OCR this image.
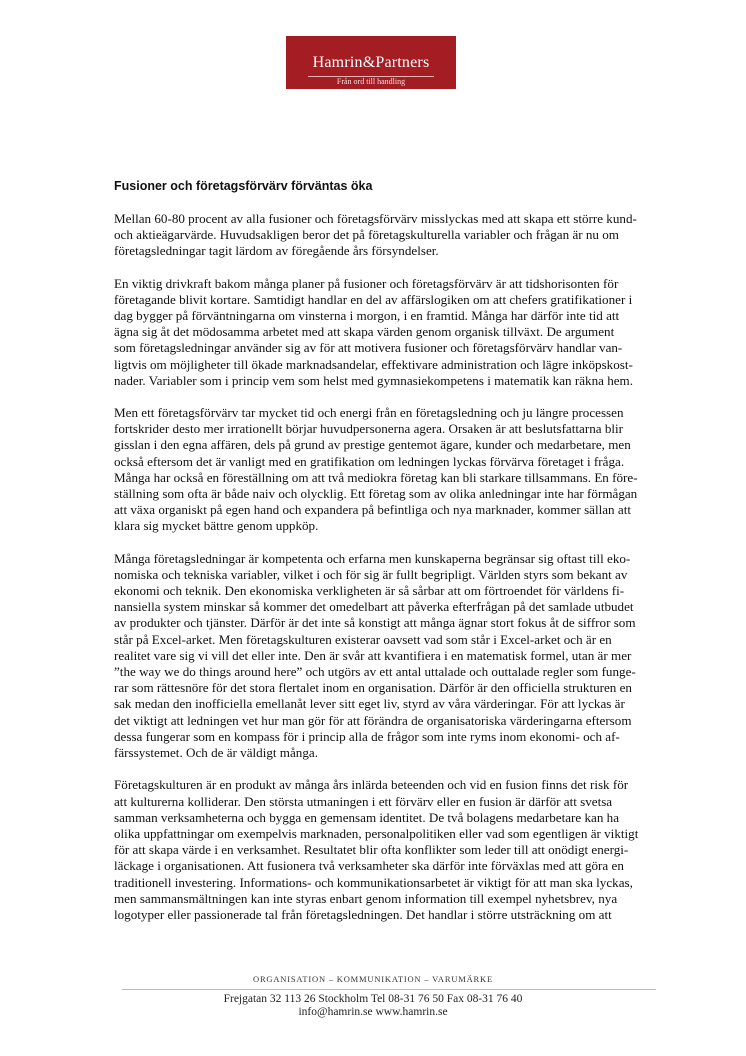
Hamrin&Partners
Från ord till handling
Fusioner och företagsförvärv förväntas öka

Mellan 60-80 procent av alla fusioner och företagsförvärv misslyckas med att skapa ett större kund-
och aktieägarvärde. Huvudsakligen beror det på företagskulturella variabler och frågan är nu om
företagsledningar tagit lärdom av föregående års försyndelser.

En viktig drivkraft bakom många planer på fusioner och företagsförvärv är att tidshorisonten för
företagande blivit kortare. Samtidigt handlar en del av affärslogiken om att chefers gratifikationer i
dag bygger på förväntningarna om vinsterna i morgon, i en framtid. Många har därför inte tid att
ägna sig åt det mödosamma arbetet med att skapa värden genom organisk tillväxt. De argument
som företagsledningar använder sig av för att motivera fusioner och företagsförvärv handlar van-
ligtvis om möjligheter till ökade marknadsandelar, effektivare administration och lägre inköpskost-
nader. Variabler som i princip vem som helst med gymnasiekompetens i matematik kan räkna hem.

Men ett företagsförvärv tar mycket tid och energi från en företagsledning och ju längre processen
fortskrider desto mer irrationellt börjar huvudpersonerna agera. Orsaken är att beslutsfattarna blir
gisslan i den egna affären, dels på grund av prestige gentemot ägare, kunder och medarbetare, men
också eftersom det är vanligt med en gratifikation om ledningen lyckas förvärva företaget i fråga.
Många har också en föreställning om att två mediokra företag kan bli starkare tillsammans. En före-
ställning som ofta är både naiv och olycklig. Ett företag som av olika anledningar inte har förmågan
att växa organiskt på egen hand och expandera på befintliga och nya marknader, kommer sällan att
klara sig mycket bättre genom uppköp.

Många företagsledningar är kompetenta och erfarna men kunskaperna begränsar sig oftast till eko-
nomiska och tekniska variabler, vilket i och för sig är fullt begripligt. Världen styrs som bekant av
ekonomi och teknik. Den ekonomiska verkligheten är så sårbar att om förtroendet för världens fi-
nansiella system minskar så kommer det omedelbart att påverka efterfrågan på det samlade utbudet
av produkter och tjänster. Därför är det inte så konstigt att många ägnar stort fokus åt de siffror som
står på Excel-arket. Men företagskulturen existerar oavsett vad som står i Excel-arket och är en
realitet vare sig vi vill det eller inte. Den är svår att kvantifiera i en matematisk formel, utan är mer
”the way we do things around here” och utgörs av ett antal uttalade och outtalade regler som funge-
rar som rättesnöre för det stora flertalet inom en organisation. Därför är den officiella strukturen en
sak medan den inofficiella emellanåt lever sitt eget liv, styrd av våra värderingar. För att lyckas är
det viktigt att ledningen vet hur man gör för att förändra de organisatoriska värderingarna eftersom
dessa fungerar som en kompass för i princip alla de frågor som inte ryms inom ekonomi- och af-
färssystemet. Och de är väldigt många.

Företagskulturen är en produkt av många års inlärda beteenden och vid en fusion finns det risk för
att kulturerna kolliderar. Den största utmaningen i ett förvärv eller en fusion är därför att svetsa
samman verksamheterna och bygga en gemensam identitet. De två bolagens medarbetare kan ha
olika uppfattningar om exempelvis marknaden, personalpolitiken eller vad som egentligen är viktigt
för att skapa värde i en verksamhet. Resultatet blir ofta konflikter som leder till att onödigt energi-
läckage i organisationen. Att fusionera två verksamheter ska därför inte förväxlas med att göra en
traditionell investering. Informations- och kommunikationsarbetet är viktigt för att man ska lyckas,
men sammansmältningen kan inte styras enbart genom information till exempel nyhetsbrev, nya
logotyper eller passionerade tal från företagsledningen. Det handlar i större utsträckning om att

ORGANISATION – KOMMUNIKATION – VARUMÄRKE
Frejgatan 32 113 26 Stockholm Tel 08-31 76 50 Fax 08-31 76 40
info@hamrin.se www.hamrin.se
